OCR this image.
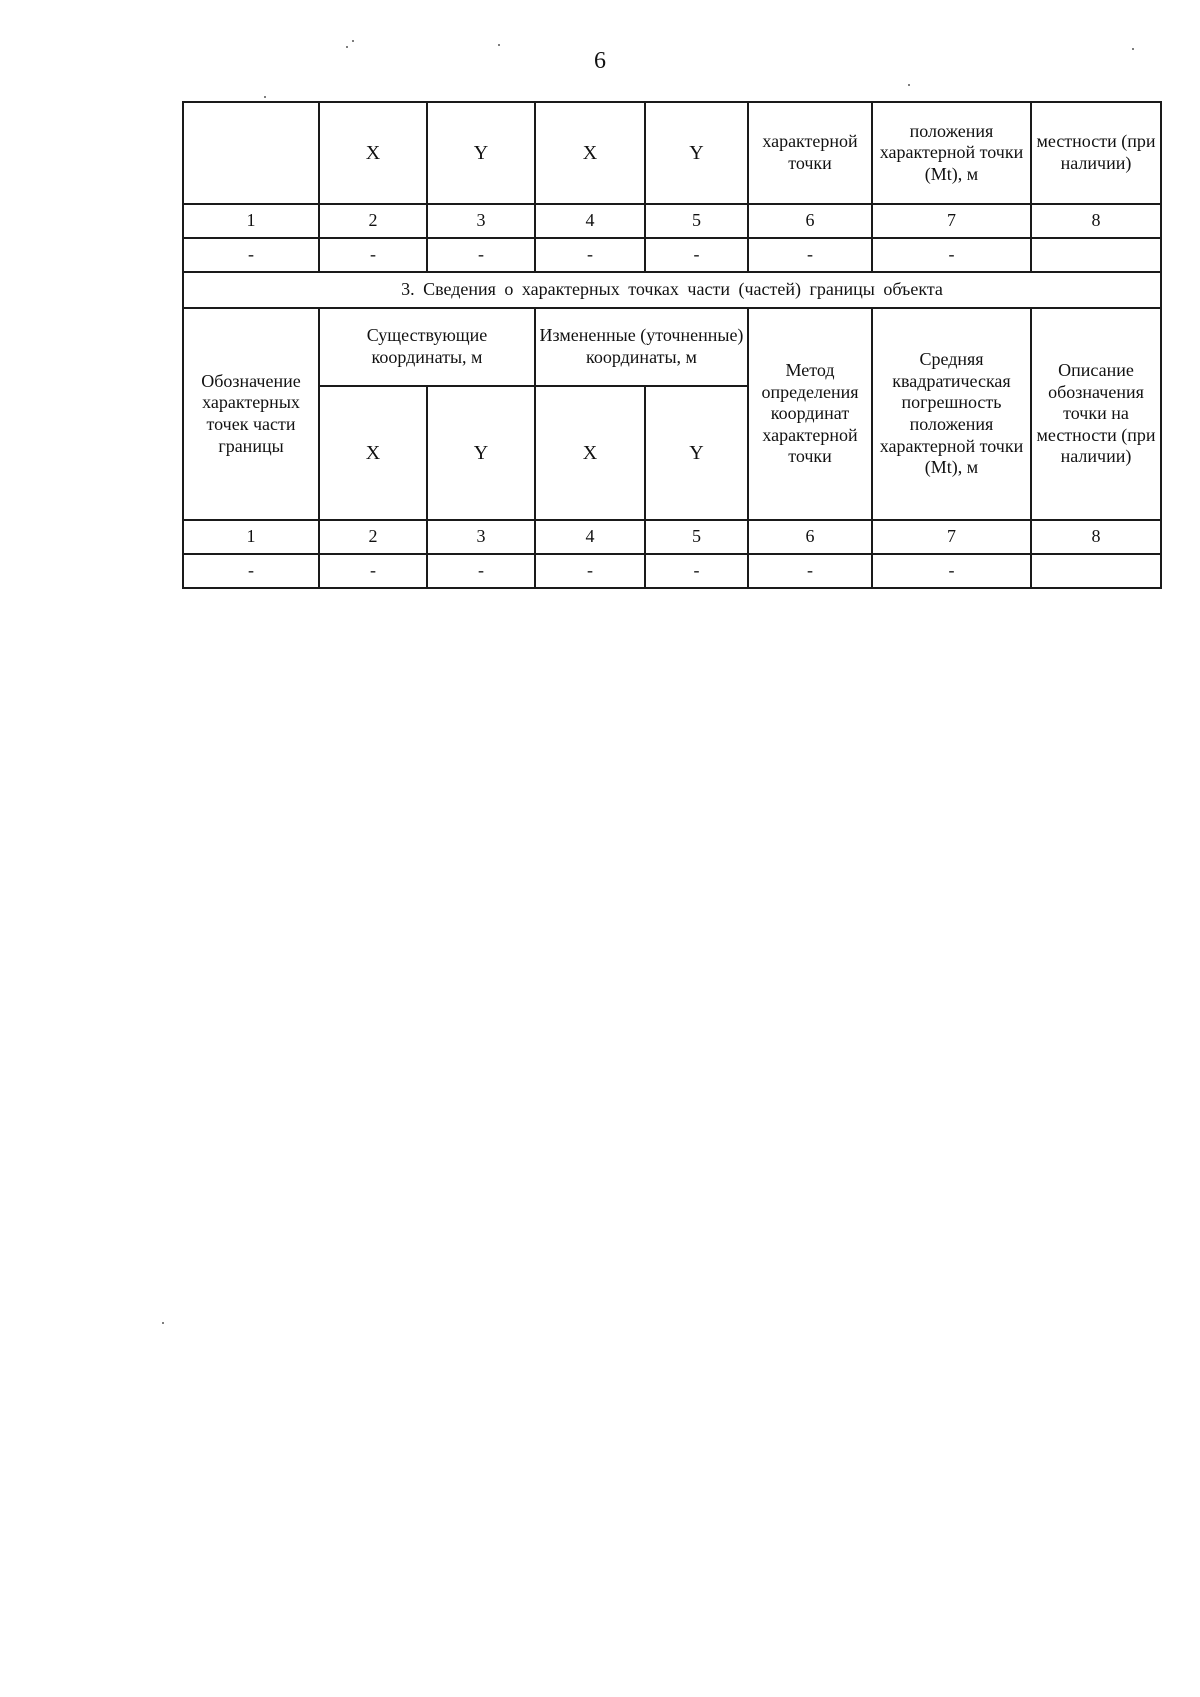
6
	X	Y	X	Y	характерной точки	положения характерной точки (Mt), м	местности (при наличии)
1	2	3	4	5	6	7	8
-	-	-	-	-	-	-	
3. Сведения о характерных точках части (частей) границы объекта							
Обозначение характерных точек части границы	Существующие координаты, м		Измененные (уточненные) координаты, м		Метод определения координат характерной точки	Средняя квадратическая погрешность положения характерной точки (Mt), м	Описание обозначения точки на местности (при наличии)
	X	Y	X	Y			
1	2	3	4	5	6	7	8
-	-	-	-	-	-	-	
